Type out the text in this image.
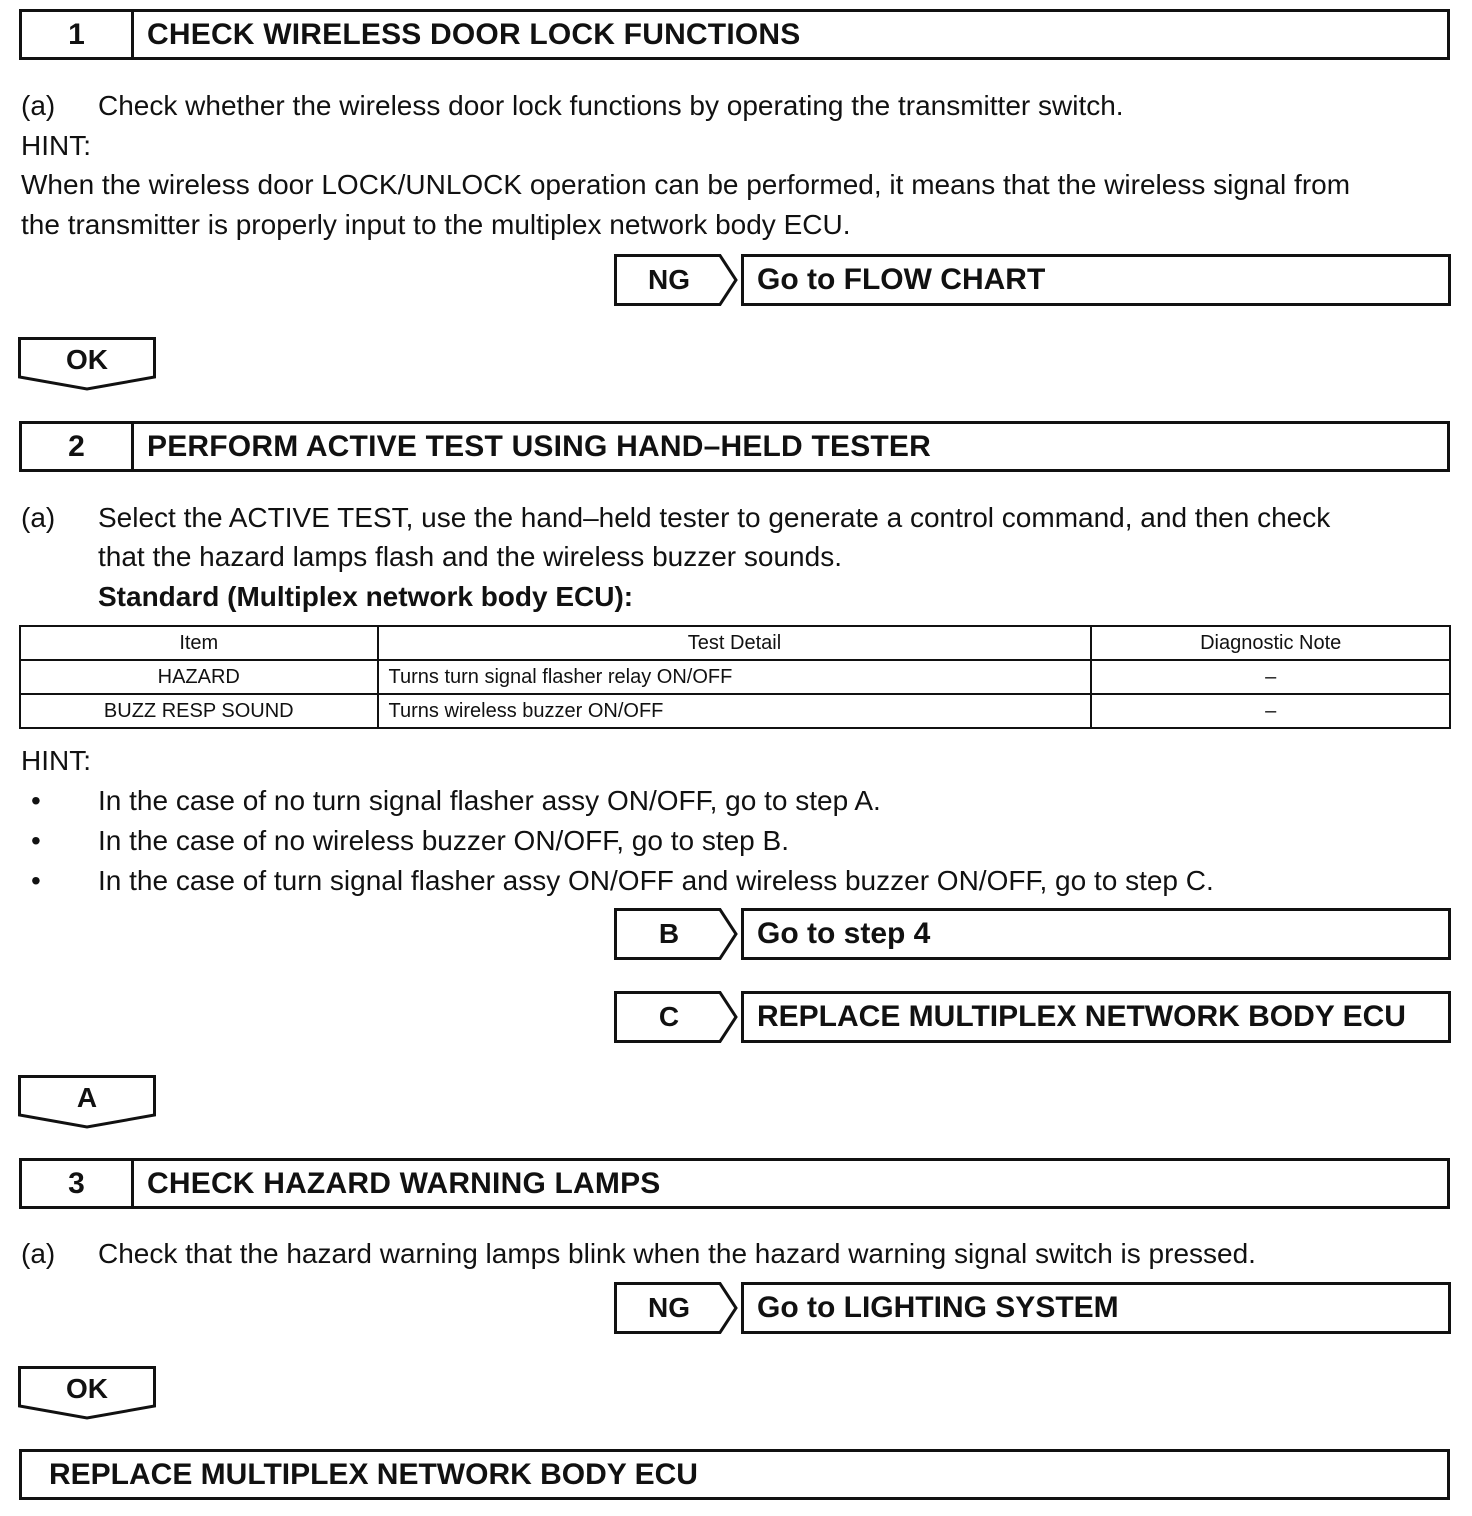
1	CHECK WIRELESS DOOR LOCK FUNCTIONS
(a) Check whether the wireless door lock functions by operating the transmitter switch.
HINT:
When the wireless door LOCK/UNLOCK operation can be performed, it means that the wireless signal from
the transmitter is properly input to the multiplex network body ECU.
NG	Go to FLOW CHART
OK
2	PERFORM ACTIVE TEST USING HAND–HELD TESTER
(a) Select the ACTIVE TEST, use the hand–held tester to generate a control command, and then check
that the hazard lamps flash and the wireless buzzer sounds.
Standard (Multiplex network body ECU):
Item	Test Detail	Diagnostic Note
HAZARD	Turns turn signal flasher relay ON/OFF	–
BUZZ RESP SOUND	Turns wireless buzzer ON/OFF	–
HINT:
• In the case of no turn signal flasher assy ON/OFF, go to step A.
• In the case of no wireless buzzer ON/OFF, go to step B.
• In the case of turn signal flasher assy ON/OFF and wireless buzzer ON/OFF, go to step C.
B	Go to step 4
C	REPLACE MULTIPLEX NETWORK BODY ECU
A
3	CHECK HAZARD WARNING LAMPS
(a) Check that the hazard warning lamps blink when the hazard warning signal switch is pressed.
NG	Go to LIGHTING SYSTEM
OK
REPLACE MULTIPLEX NETWORK BODY ECU
